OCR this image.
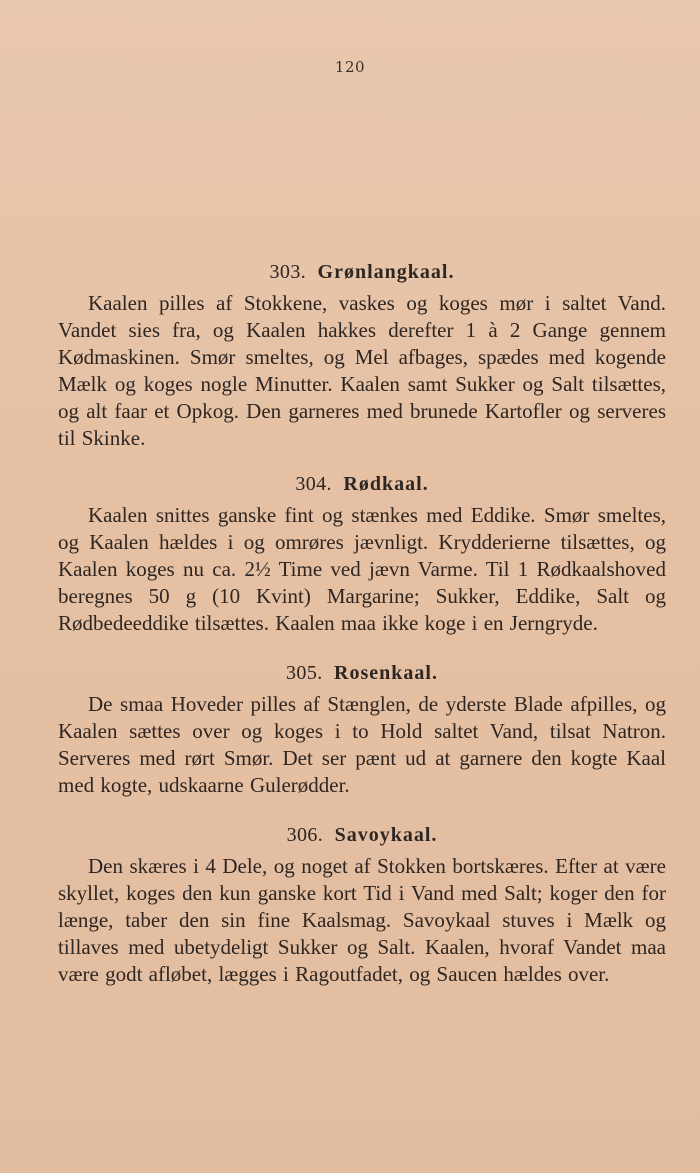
120
303. Grønlangkaal.

Kaalen pilles af Stokkene, vaskes og koges mør i saltet Vand. Vandet sies fra, og Kaalen hakkes derefter 1 à 2 Gange gennem Kødmaskinen. Smør smeltes, og Mel afbages, spædes med kogende Mælk og koges nogle Minutter. Kaalen samt Sukker og Salt tilsættes, og alt faar et Opkog. Den garneres med brunede Kartofler og serveres til Skinke.

304. Rødkaal.

Kaalen snittes ganske fint og stænkes med Eddike. Smør smeltes, og Kaalen hældes i og omrøres jævnligt. Krydderierne tilsættes, og Kaalen koges nu ca. 2½ Time ved jævn Varme. Til 1 Rødkaalshoved beregnes 50 g (10 Kvint) Margarine; Sukker, Eddike, Salt og Rødbedeeddike tilsættes. Kaalen maa ikke koge i en Jerngryde.

305. Rosenkaal.

De smaa Hoveder pilles af Stænglen, de yderste Blade afpilles, og Kaalen sættes over og koges i to Hold saltet Vand, tilsat Natron. Serveres med rørt Smør. Det ser pænt ud at garnere den kogte Kaal med kogte, udskaarne Gulerødder.

306. Savoykaal.

Den skæres i 4 Dele, og noget af Stokken bortskæres. Efter at være skyllet, koges den kun ganske kort Tid i Vand med Salt; koger den for længe, taber den sin fine Kaalsmag. Savoykaal stuves i Mælk og tillaves med ubetydeligt Sukker og Salt. Kaalen, hvoraf Vandet maa være godt afløbet, lægges i Ragoutfadet, og Saucen hældes over.
